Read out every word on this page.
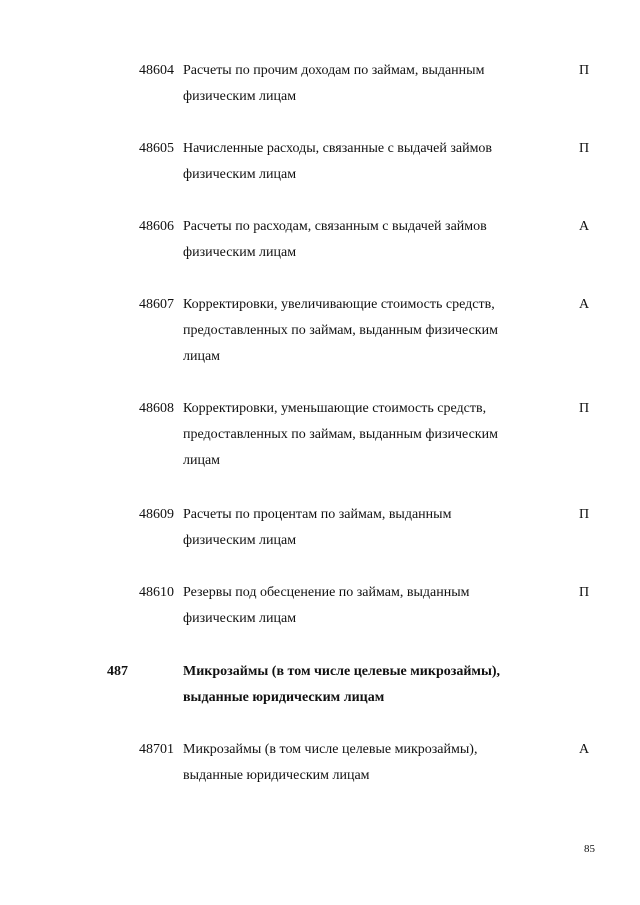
48604 Расчеты по прочим доходам по займам, выданным
физическим лицам
П
48605 Начисленные расходы, связанные с выдачей займов
физическим лицам
П
48606 Расчеты по расходам, связанным с выдачей займов
физическим лицам
А
48607 Корректировки, увеличивающие стоимость средств,
предоставленных по займам, выданным физическим
лицам
А
48608 Корректировки, уменьшающие стоимость средств,
предоставленных по займам, выданным физическим
лицам
П
48609 Расчеты по процентам по займам, выданным
физическим лицам
П
48610 Резервы под обесценение по займам, выданным
физическим лицам
П
487	Микрозаймы (в том числе целевые микрозаймы),
выданные юридическим лицам
48701 Микрозаймы (в том числе целевые микрозаймы),
выданные юридическим лицам
А
85
